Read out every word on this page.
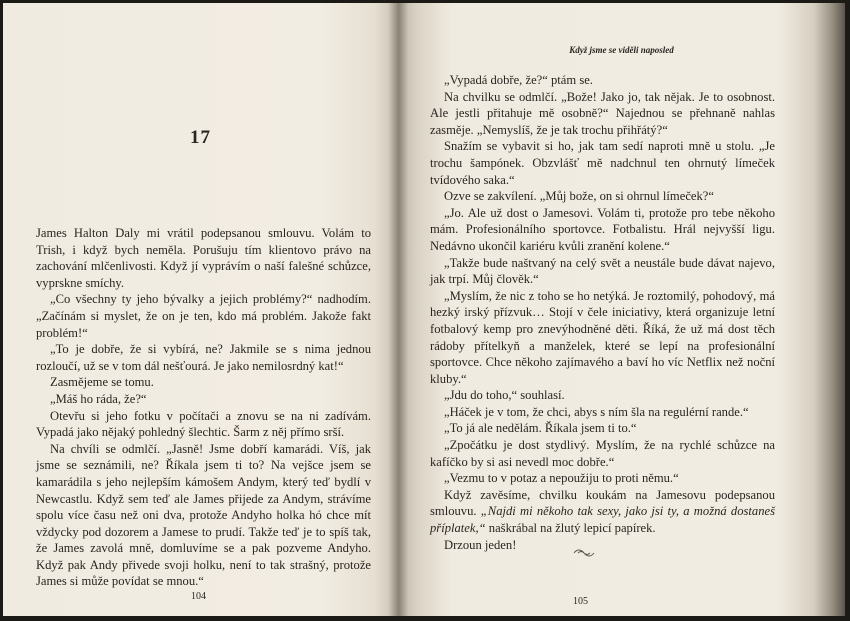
17

James Halton Daly mi vrátil podepsanou smlouvu. Volám to Trish, i když bych neměla. Porušuju tím klientovo právo na zachování mlčenlivosti. Když jí vyprávím o naší falešné schůzce, vyprskne smíchy.

„Co všechny ty jeho bývalky a jejich problémy?“ nadhodím. „Začínám si myslet, že on je ten, kdo má problém. Jakože fakt problém!“

„To je dobře, že si vybírá, ne? Jakmile se s nima jednou rozloučí, už se v tom dál nešťourá. Je jako nemilosrdný kat!“

Zasmějeme se tomu.

„Máš ho ráda, že?“

Otevřu si jeho fotku v počítači a znovu se na ni zadívám. Vypadá jako nějaký pohledný šlechtic. Šarm z něj přímo srší.

Na chvíli se odmlčí. „Jasně! Jsme dobří kamarádi. Víš, jak jsme se seznámili, ne? Říkala jsem ti to? Na vejšce jsem se kamarádila s jeho nejlepším kámošem Andym, který teď bydlí v Newcastlu. Když sem teď ale James přijede za Andym, strávíme spolu více času než oni dva, protože Andyho holka hó chce mít vždycky pod dozorem a Jamese to prudí. Takže teď je to spíš tak, že James zavolá mně, domluvíme se a pak pozveme Andyho. Když pak Andy přivede svoji holku, není to tak strašný, protože James si může povídat se mnou.“

104
Když jsme se viděli naposled

„Vypadá dobře, že?“ ptám se.

Na chvilku se odmlčí. „Bože! Jako jo, tak nějak. Je to osobnost. Ale jestli přitahuje mě osobně?“ Najednou se přehnaně nahlas zasměje. „Nemyslíš, že je tak trochu přihřátý?“

Snažím se vybavit si ho, jak tam sedí naproti mně u stolu. „Je trochu šampónek. Obzvlášť mě nadchnul ten ohrnutý límeček tvídového saka.“

Ozve se zakvílení. „Můj bože, on si ohrnul límeček?“

„Jo. Ale už dost o Jamesovi. Volám ti, protože pro tebe někoho mám. Profesionálního sportovce. Fotbalistu. Hrál nejvyšší ligu. Nedávno ukončil kariéru kvůli zranění kolene.“

„Takže bude naštvaný na celý svět a neustále bude dávat najevo, jak trpí. Můj člověk.“

„Myslím, že nic z toho se ho netýká. Je roztomilý, pohodový, má hezký irský přízvuk… Stojí v čele iniciativy, která organizuje letní fotbalový kemp pro znevýhodněné děti. Říká, že už má dost těch rádoby přítelkyň a manželek, které se lepí na profesionální sportovce. Chce někoho zajímavého a baví ho víc Netflix než noční kluby.“

„Jdu do toho,“ souhlasí.

„Háček je v tom, že chci, abys s ním šla na regulérní rande.“

„To já ale nedělám. Říkala jsem ti to.“

„Zpočátku je dost stydlivý. Myslím, že na rychlé schůzce na kafíčko by si asi nevedl moc dobře.“

„Vezmu to v potaz a nepoužiju to proti němu.“

Když zavěsíme, chvilku koukám na Jamesovu podepsanou smlouvu. „Najdi mi někoho tak sexy, jako jsi ty, a možná dostaneš příplatek,“ naškrábal na žlutý lepicí papírek.

Drzoun jeden!

105
